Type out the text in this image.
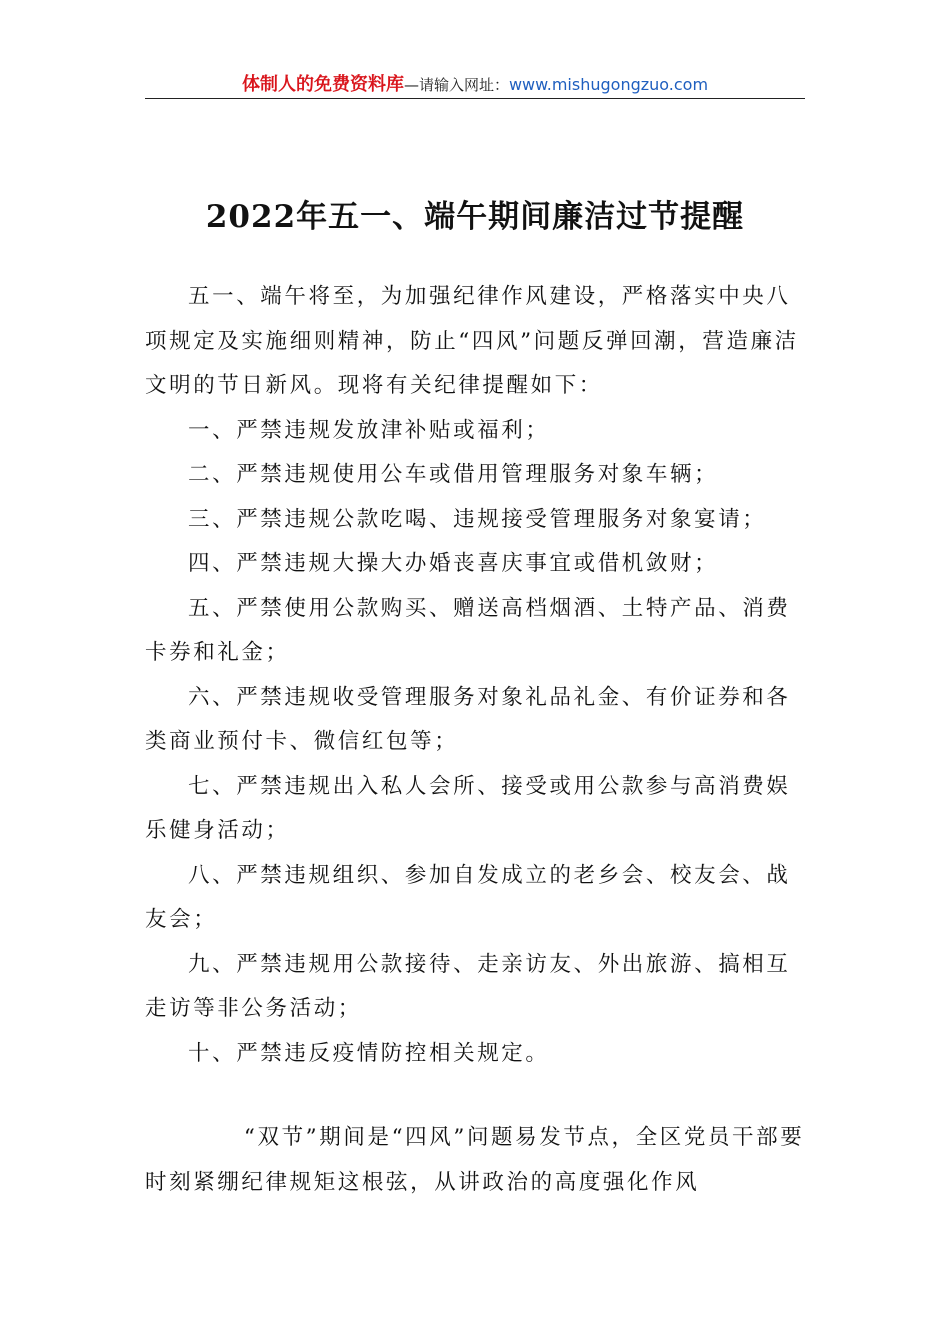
体制人的免费资料库—请输入网址：www.mishugongzuo.com
2022年五一、端午期间廉洁过节提醒

五一、端午将至，为加强纪律作风建设，严格落实中央八项规定及实施细则精神，防止“四风”问题反弹回潮，营造廉洁文明的节日新风。现将有关纪律提醒如下：

一、严禁违规发放津补贴或福利；

二、严禁违规使用公车或借用管理服务对象车辆；

三、严禁违规公款吃喝、违规接受管理服务对象宴请；

四、严禁违规大操大办婚丧喜庆事宜或借机敛财；

五、严禁使用公款购买、赠送高档烟酒、土特产品、消费卡券和礼金；

六、严禁违规收受管理服务对象礼品礼金、有价证券和各类商业预付卡、微信红包等；

七、严禁违规出入私人会所、接受或用公款参与高消费娱乐健身活动；

八、严禁违规组织、参加自发成立的老乡会、校友会、战友会；

九、严禁违规用公款接待、走亲访友、外出旅游、搞相互走访等非公务活动；

十、严禁违反疫情防控相关规定。

“双节”期间是“四风”问题易发节点，全区党员干部要时刻紧绷纪律规矩这根弦，从讲政治的高度强化作风
